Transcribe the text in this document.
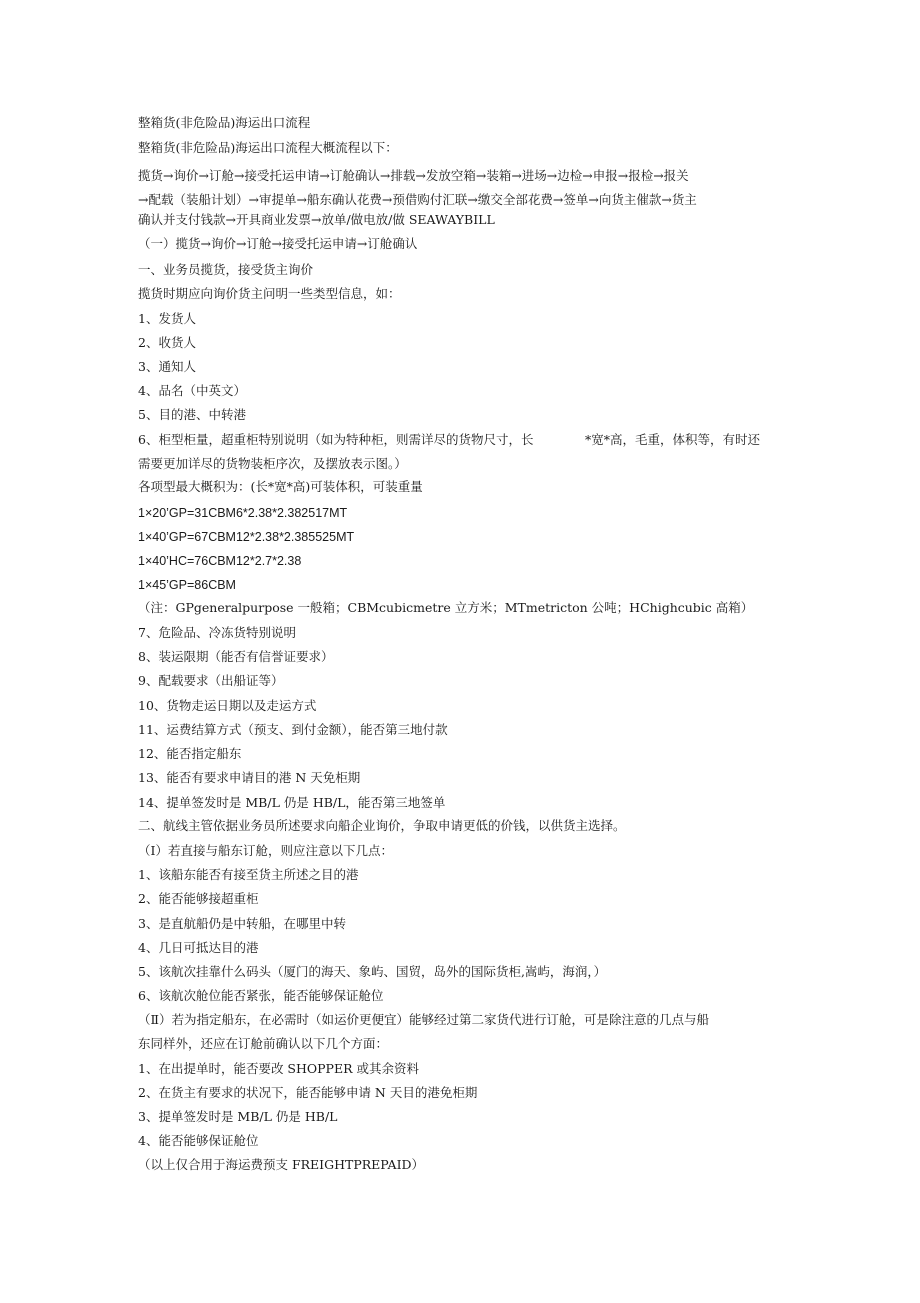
整箱货(非危险品)海运出口流程
整箱货(非危险品)海运出口流程大概流程以下：
揽货→询价→订舱→接受托运申请→订舱确认→排载→发放空箱→装箱→进场→边检→申报→报检→报关
→配载（装船计划）→审提单→船东确认花费→预借购付汇联→缴交全部花费→签单→向货主催款→货主
确认并支付钱款→开具商业发票→放单/做电放/做 SEAWAYBILL
（一）揽货→询价→订舱→接受托运申请→订舱确认
一、业务员揽货，接受货主询价
揽货时期应向询价货主问明一些类型信息，如：
1、发货人
2、收货人
3、通知人
4、品名（中英文）
5、目的港、中转港
6、柜型柜量，超重柜特别说明（如为特种柜，则需详尽的货物尺寸，长	*宽*高，毛重，体积等，有时还
需要更加详尽的货物装柜序次，及摆放表示图。）
各项型最大概积为：(长*宽*高)可装体积，可装重量
1×20’GP=31CBM6*2.38*2.382517MT
1×40’GP=67CBM12*2.38*2.385525MT
1×40’HC=76CBM12*2.7*2.38
1×45’GP=86CBM
（注：GPgeneralpurpose 一般箱；CBMcubicmetre 立方米；MTmetricton 公吨；HChighcubic 高箱）
7、危险品、冷冻货特别说明
8、装运限期（能否有信誉证要求）
9、配载要求（出船证等）
10、货物走运日期以及走运方式
11、运费结算方式（预支、到付金额），能否第三地付款
12、能否指定船东
13、能否有要求申请目的港 N 天免柜期
14、提单签发时是 MB/L 仍是 HB/L，能否第三地签单
二、航线主管依据业务员所述要求向船企业询价，争取申请更低的价钱，以供货主选择。
（Ⅰ）若直接与船东订舱，则应注意以下几点：
1、该船东能否有接至货主所述之目的港
2、能否能够接超重柜
3、是直航船仍是中转船，在哪里中转
4、几日可抵达目的港
5、该航次挂靠什么码头（厦门的海天、象屿、国贸，岛外的国际货柜,嵩屿，海润，）
6、该航次舱位能否紧张，能否能够保证舱位
（Ⅱ）若为指定船东，在必需时（如运价更便宜）能够经过第二家货代进行订舱，可是除注意的几点与船
东同样外，还应在订舱前确认以下几个方面：
1、在出提单时，能否要改 SHOPPER 或其余资料
2、在货主有要求的状况下，能否能够申请 N 天目的港免柜期
3、提单签发时是 MB/L 仍是 HB/L
4、能否能够保证舱位
（以上仅合用于海运费预支 FREIGHTPREPAID）
